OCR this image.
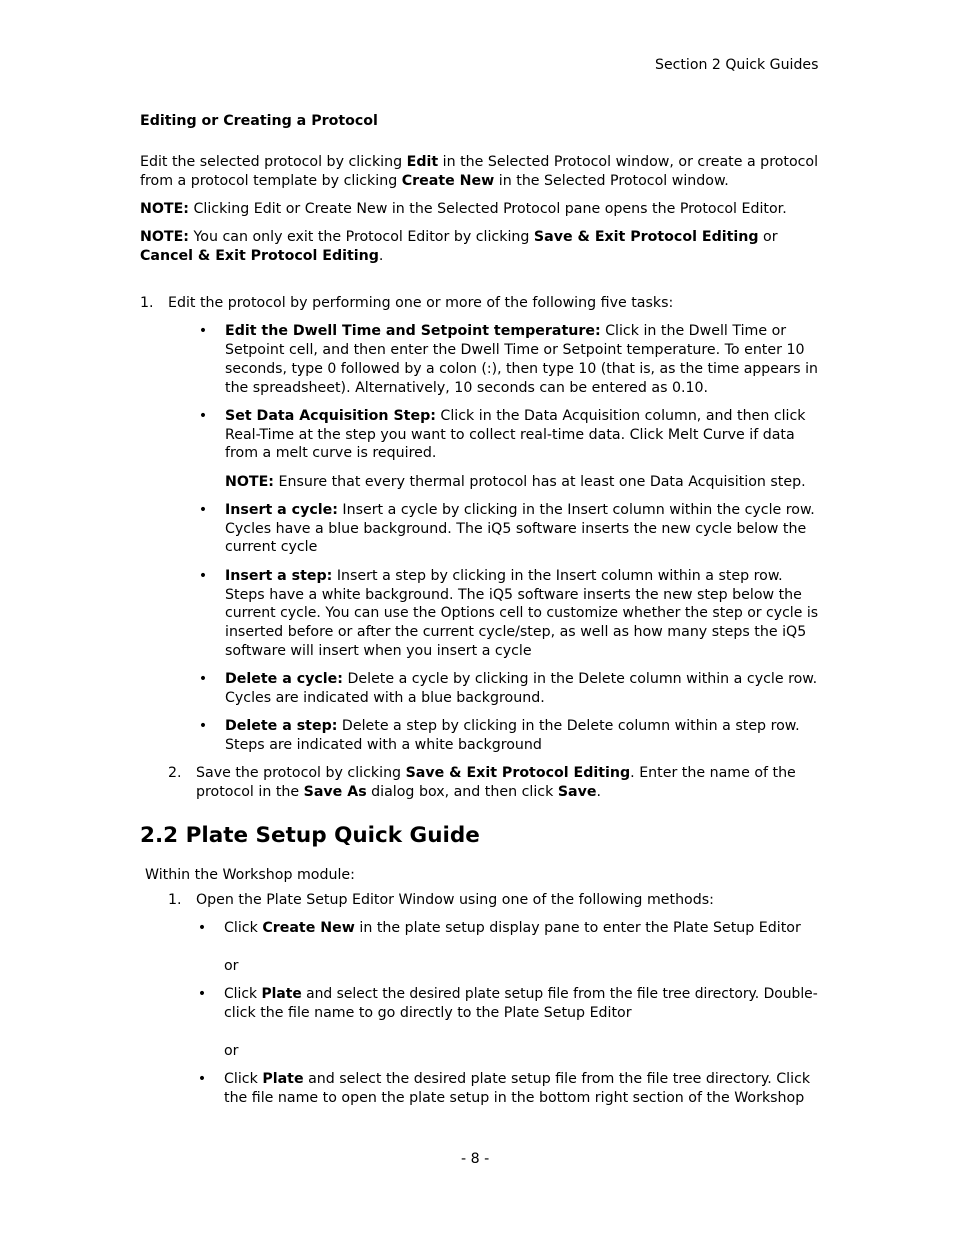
Section 2 Quick Guides
Editing or Creating a Protocol
Edit the selected protocol by clicking Edit in the Selected Protocol window, or create a protocol
from a protocol template by clicking Create New in the Selected Protocol window.
NOTE: Clicking Edit or Create New in the Selected Protocol pane opens the Protocol Editor.
NOTE: You can only exit the Protocol Editor by clicking Save & Exit Protocol Editing or
Cancel & Exit Protocol Editing.
1. Edit the protocol by performing one or more of the following five tasks:
• Edit the Dwell Time and Setpoint temperature: Click in the Dwell Time or
Setpoint cell, and then enter the Dwell Time or Setpoint temperature. To enter 10
seconds, type 0 followed by a colon (:), then type 10 (that is, as the time appears in
the spreadsheet). Alternatively, 10 seconds can be entered as 0.10.
• Set Data Acquisition Step: Click in the Data Acquisition column, and then click
Real-Time at the step you want to collect real-time data. Click Melt Curve if data
from a melt curve is required.
NOTE: Ensure that every thermal protocol has at least one Data Acquisition step.
• Insert a cycle: Insert a cycle by clicking in the Insert column within the cycle row.
Cycles have a blue background. The iQ5 software inserts the new cycle below the
current cycle
• Insert a step: Insert a step by clicking in the Insert column within a step row.
Steps have a white background. The iQ5 software inserts the new step below the
current cycle. You can use the Options cell to customize whether the step or cycle is
inserted before or after the current cycle/step, as well as how many steps the iQ5
software will insert when you insert a cycle
• Delete a cycle: Delete a cycle by clicking in the Delete column within a cycle row.
Cycles are indicated with a blue background.
• Delete a step: Delete a step by clicking in the Delete column within a step row.
Steps are indicated with a white background
2. Save the protocol by clicking Save & Exit Protocol Editing. Enter the name of the
protocol in the Save As dialog box, and then click Save.
2.2 Plate Setup Quick Guide
Within the Workshop module:
1. Open the Plate Setup Editor Window using one of the following methods:
• Click Create New in the plate setup display pane to enter the Plate Setup Editor
or
• Click Plate and select the desired plate setup file from the file tree directory. Double-
click the file name to go directly to the Plate Setup Editor
or
• Click Plate and select the desired plate setup file from the file tree directory. Click
the file name to open the plate setup in the bottom right section of the Workshop
- 8 -
